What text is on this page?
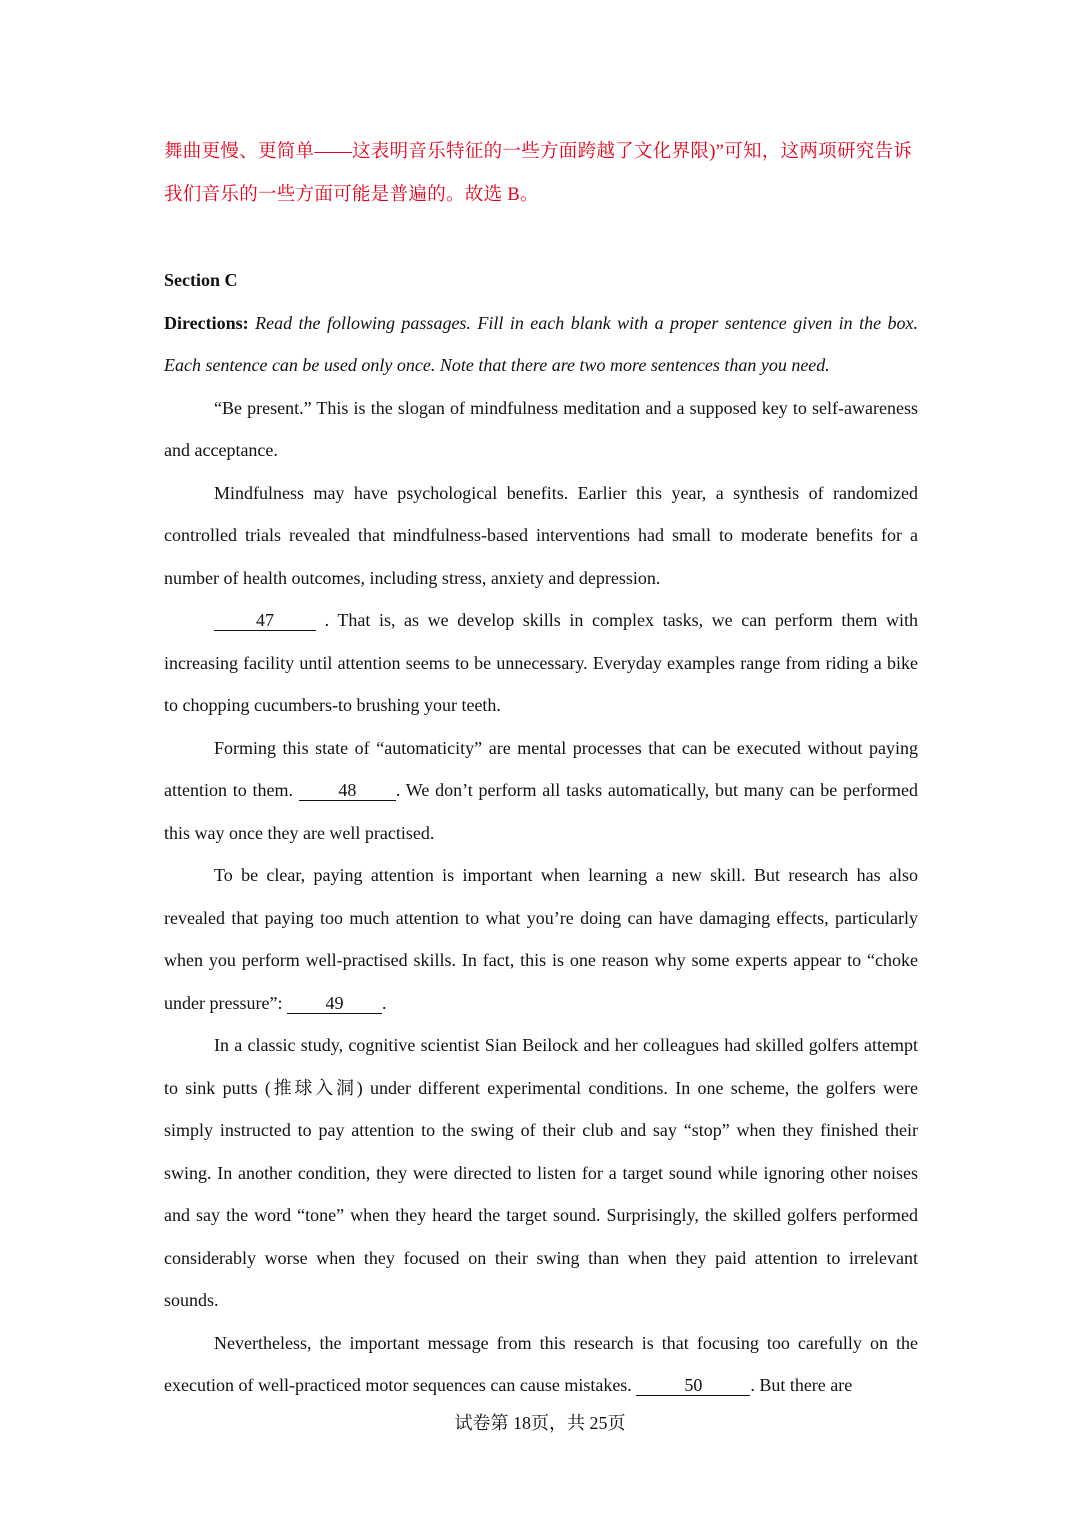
舞曲更慢、更简单——这表明音乐特征的一些方面跨越了文化界限)”可知，这两项研究告诉

我们音乐的一些方面可能是普遍的。故选 B。

Section C

Directions: Read the following passages. Fill in each blank with a proper sentence given in the box. Each sentence can be used only once. Note that there are two more sentences than you need.

“Be present.” This is the slogan of mindfulness meditation and a supposed key to self-awareness and acceptance.

Mindfulness may have psychological benefits. Earlier this year, a synthesis of randomized controlled trials revealed that mindfulness-based interventions had small to moderate benefits for a number of health outcomes, including stress, anxiety and depression.

47 . That is, as we develop skills in complex tasks, we can perform them with increasing facility until attention seems to be unnecessary. Everyday examples range from riding a bike to chopping cucumbers-to brushing your teeth.

Forming this state of “automaticity” are mental processes that can be executed without paying attention to them. 48 . We don’t perform all tasks automatically, but many can be performed this way once they are well practised.

To be clear, paying attention is important when learning a new skill. But research has also revealed that paying too much attention to what you’re doing can have damaging effects, particularly when you perform well-practised skills. In fact, this is one reason why some experts appear to “choke under pressure”: 49 .

In a classic study, cognitive scientist Sian Beilock and her colleagues had skilled golfers attempt to sink putts (推球入洞) under different experimental conditions. In one scheme, the golfers were simply instructed to pay attention to the swing of their club and say “stop” when they finished their swing. In another condition, they were directed to listen for a target sound while ignoring other noises and say the word “tone” when they heard the target sound. Surprisingly, the skilled golfers performed considerably worse when they focused on their swing than when they paid attention to irrelevant sounds.

Nevertheless, the important message from this research is that focusing too carefully on the execution of well-practiced motor sequences can cause mistakes.	50	. But there are

试卷第 18页，共 25页
